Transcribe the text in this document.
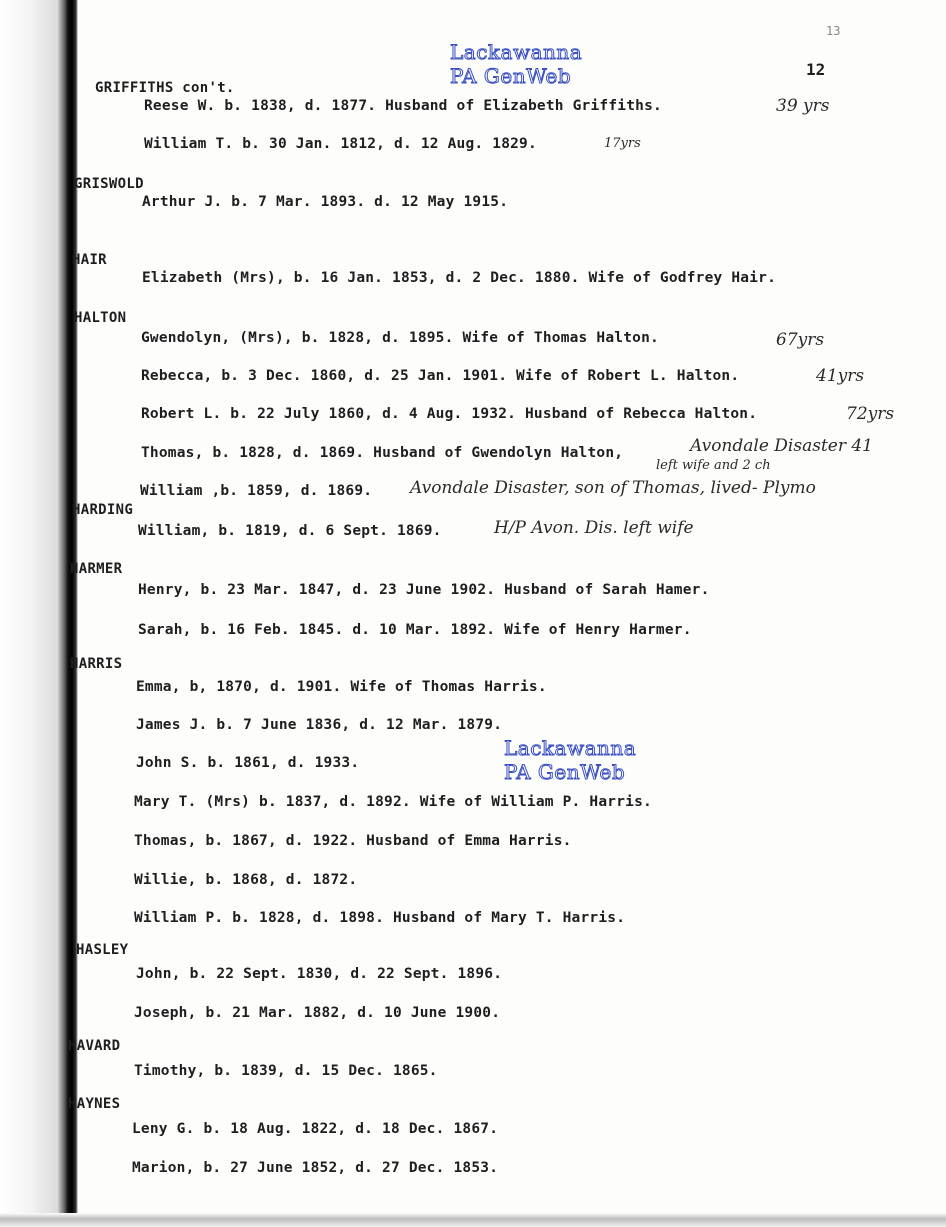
13
12
Lackawanna
PA GenWeb
Lackawanna
PA GenWeb
GRIFFITHS con't.
Reese W. b. 1838, d. 1877. Husband of Elizabeth Griffiths.	39 yrs
William T. b. 30 Jan. 1812, d. 12 Aug. 1829.	17yrs
GRISWOLD
Arthur J. b. 7 Mar. 1893. d. 12 May 1915.
HAIR
Elizabeth (Mrs), b. 16 Jan. 1853, d. 2 Dec. 1880. Wife of Godfrey Hair.
HALTON
Gwendolyn, (Mrs), b. 1828, d. 1895. Wife of Thomas Halton.	67yrs
Rebecca, b. 3 Dec. 1860, d. 25 Jan. 1901. Wife of Robert L. Halton.	41yrs
Robert L. b. 22 July 1860, d. 4 Aug. 1932. Husband of Rebecca Halton.	72yrs
Thomas, b. 1828, d. 1869. Husband of Gwendolyn Halton,	Avondale Disaster 41
left wife and 2 ch
William ,b. 1859, d. 1869. Avondale Disaster, son of Thomas, lived- Plymo
HARDING
William, b. 1819, d. 6 Sept. 1869.	H/P Avon. Dis. left wife
HARMER
Henry, b. 23 Mar. 1847, d. 23 June 1902. Husband of Sarah Hamer.
Sarah, b. 16 Feb. 1845. d. 10 Mar. 1892. Wife of Henry Harmer.
HARRIS
Emma, b, 1870, d. 1901. Wife of Thomas Harris.
James J. b. 7 June 1836, d. 12 Mar. 1879.
John S. b. 1861, d. 1933.
Mary T. (Mrs) b. 1837, d. 1892. Wife of William P. Harris.
Thomas, b. 1867, d. 1922. Husband of Emma Harris.
Willie, b. 1868, d. 1872.
William P. b. 1828, d. 1898. Husband of Mary T. Harris.
HASLEY
John, b. 22 Sept. 1830, d. 22 Sept. 1896.
Joseph, b. 21 Mar. 1882, d. 10 June 1900.
HAVARD
Timothy, b. 1839, d. 15 Dec. 1865.
HAYNES
Leny G. b. 18 Aug. 1822, d. 18 Dec. 1867.
Marion, b. 27 June 1852, d. 27 Dec. 1853.
